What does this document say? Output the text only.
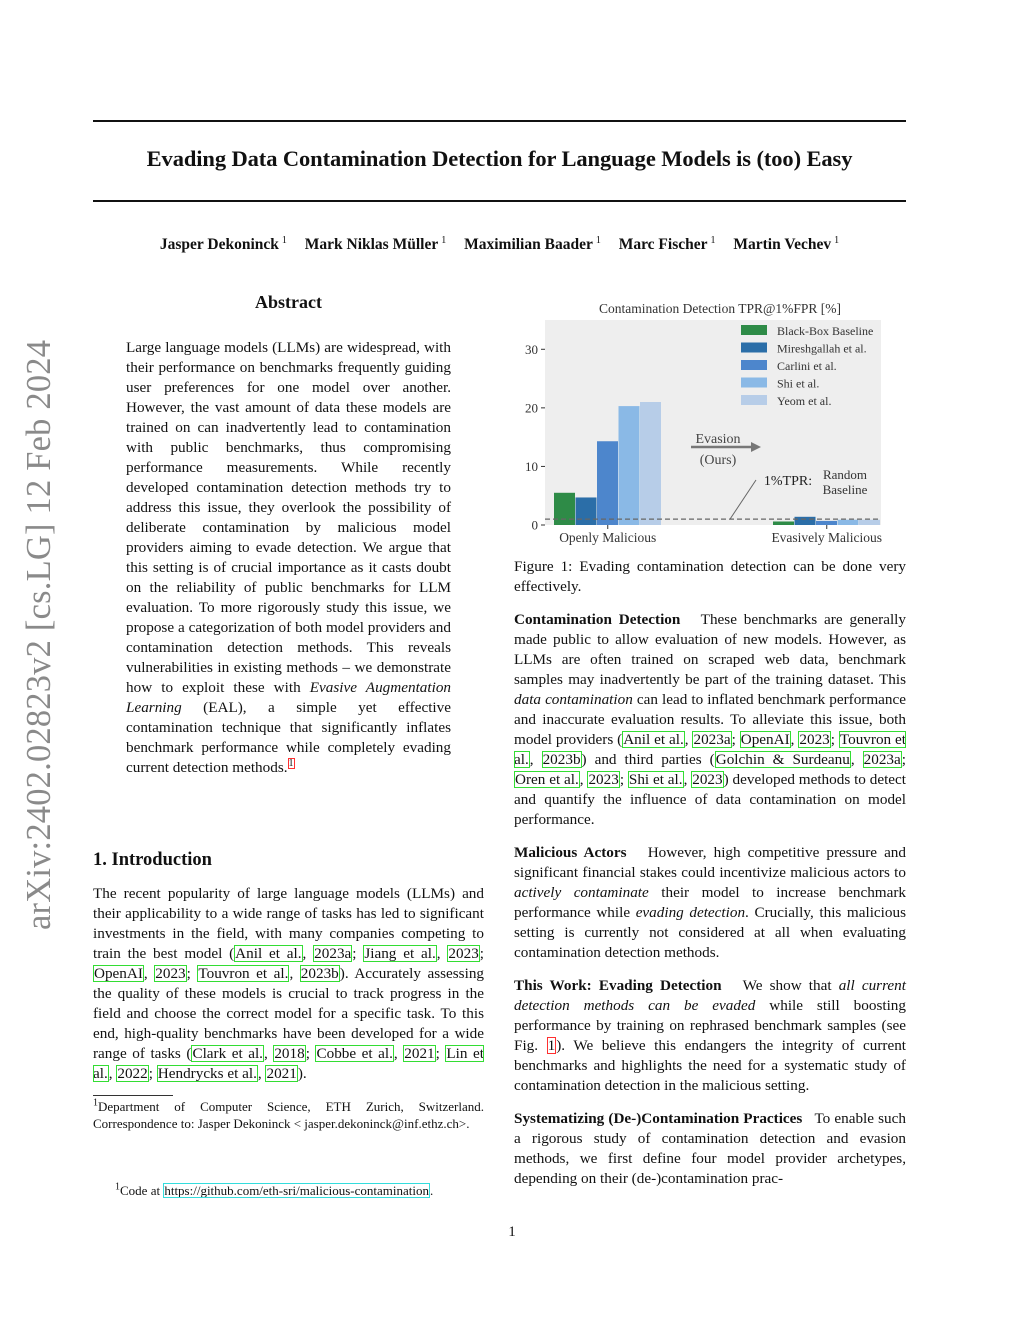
arXiv:2402.02823v2 [cs.LG] 12 Feb 2024
Evading Data Contamination Detection for Language Models is (too) Easy
Jasper Dekoninck $^1$ Mark Niklas Müller $^1$ Maximilian Baader $^1$ Marc Fischer $^1$ Martin Vechev $^1$
Abstract
Large language models (LLMs) are widespread, with their performance on benchmarks frequently guiding user preferences for one model over another. However, the vast amount of data these models are trained on can inadvertently lead to contamination with public benchmarks, thus compromising performance measurements. While recently developed contamination detection methods try to address this issue, they overlook the possibility of deliberate contamination by malicious model providers aiming to evade detection. We argue that this setting is of crucial importance as it casts doubt on the reliability of public benchmarks for LLM evaluation. To more rigorously study this issue, we propose a categorization of both model providers and contamination detection methods. This reveals vulnerabilities in existing methods – we demonstrate how to exploit these with Evasive Augmentation Learning (EAL), a simple yet effective contamination technique that significantly inflates benchmark performance while completely evading current detection methods.$^1$
1. Introduction
The recent popularity of large language models (LLMs) and their applicability to a wide range of tasks has led to significant investments in the field, with many companies competing to train the best model (Anil et al., 2023a; Jiang et al., 2023; OpenAI, 2023; Touvron et al., 2023b). Accurately assessing the quality of these models is crucial to track progress in the field and choose the correct model for a specific task. To this end, high-quality benchmarks have been developed for a wide range of tasks (Clark et al., 2018; Cobbe et al., 2021; Lin et al., 2022; Hendrycks et al., 2021).
$^1$Department of Computer Science, ETH Zurich, Switzerland. Correspondence to: Jasper Dekoninck < jasper.dekoninck@inf.ethz.ch>.
$^1$Code at https://github.com/eth-sri/malicious-contamination.
Contamination Detection TPR@1%FPR [%]
0
10
20
30
Openly Malicious	Evasively Malicious
1%TPR: Random
Baseline
Evasion
(Ours)
Black-Box Baseline
Mireshgallah et al.
Carlini et al.
Shi et al.
Yeom et al.

Figure 1: Evading contamination detection can be done very effectively.

Contamination Detection These benchmarks are generally made public to allow evaluation of new models. However, as LLMs are often trained on scraped web data, benchmark samples may inadvertently be part of the training dataset. This data contamination can lead to inflated benchmark performance and inaccurate evaluation results. To alleviate this issue, both model providers (Anil et al., 2023a; OpenAI, 2023; Touvron et al., 2023b) and third parties (Golchin & Surdeanu, 2023a; Oren et al., 2023; Shi et al., 2023) developed methods to detect and quantify the influence of data contamination on model performance.

Malicious Actors However, high competitive pressure and significant financial stakes could incentivize malicious actors to actively contaminate their model to increase benchmark performance while evading detection. Crucially, this malicious setting is currently not considered at all when evaluating contamination detection methods.

This Work: Evading Detection We show that all current detection methods can be evaded while still boosting performance by training on rephrased benchmark samples (see Fig. 1). We believe this endangers the integrity of current benchmarks and highlights the need for a systematic study of contamination detection in the malicious setting.

Systematizing (De-)Contamination Practices To enable such a rigorous study of contamination detection and evasion methods, we first define four model provider archetypes, depending on their (de-)contamination prac-

1
